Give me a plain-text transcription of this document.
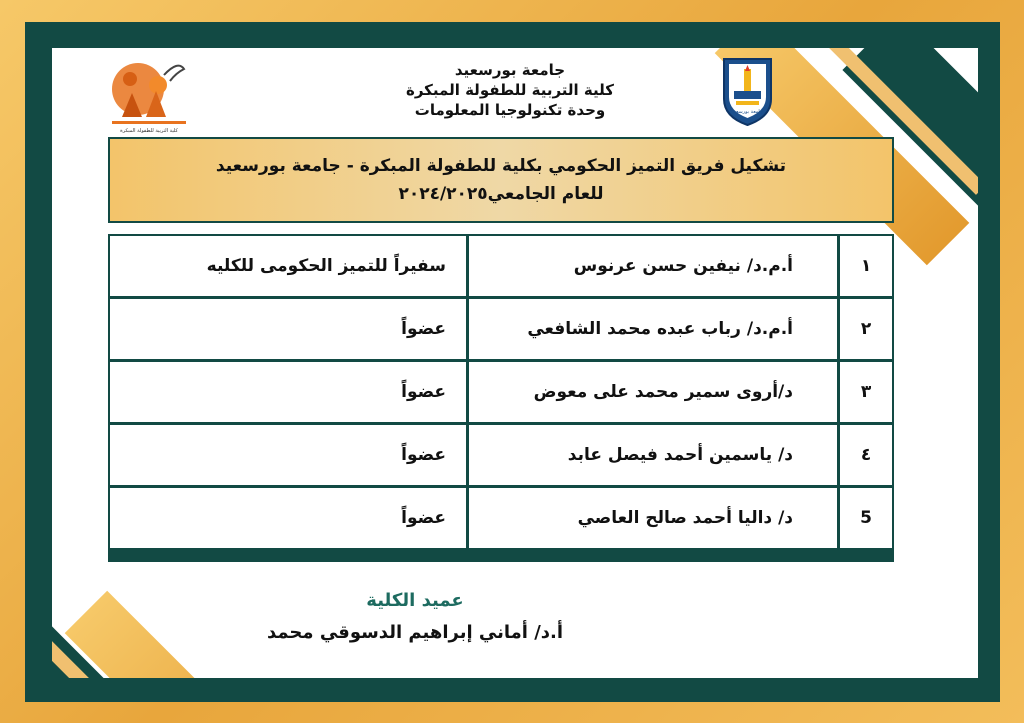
كلية التربية للطفولة المبكرة
جامعة بورسعيد
جامعة بورسعيد
كلية التربية للطفولة المبكرة
وحدة تكنولوجيا المعلومات
تشكيل فريق التميز الحكومي بكلية للطفولة المبكرة - جامعة بورسعيد
للعام الجامعي٢٠٢٤/٢٠٢٥
١
أ.م.د/ نيفين حسن عرنوس
سفيراً للتميز الحكومى للكليه
٢
أ.م.د/ رباب عبده محمد الشافعي
عضواً
٣
د/أروى سمير محمد على معوض
عضواً
٤
د/ ياسمين أحمد فيصل عابد
عضواً
5
د/ داليا أحمد صالح العاصي
عضواً
عميد الكلية
أ.د/ أماني إبراهيم الدسوقي محمد
